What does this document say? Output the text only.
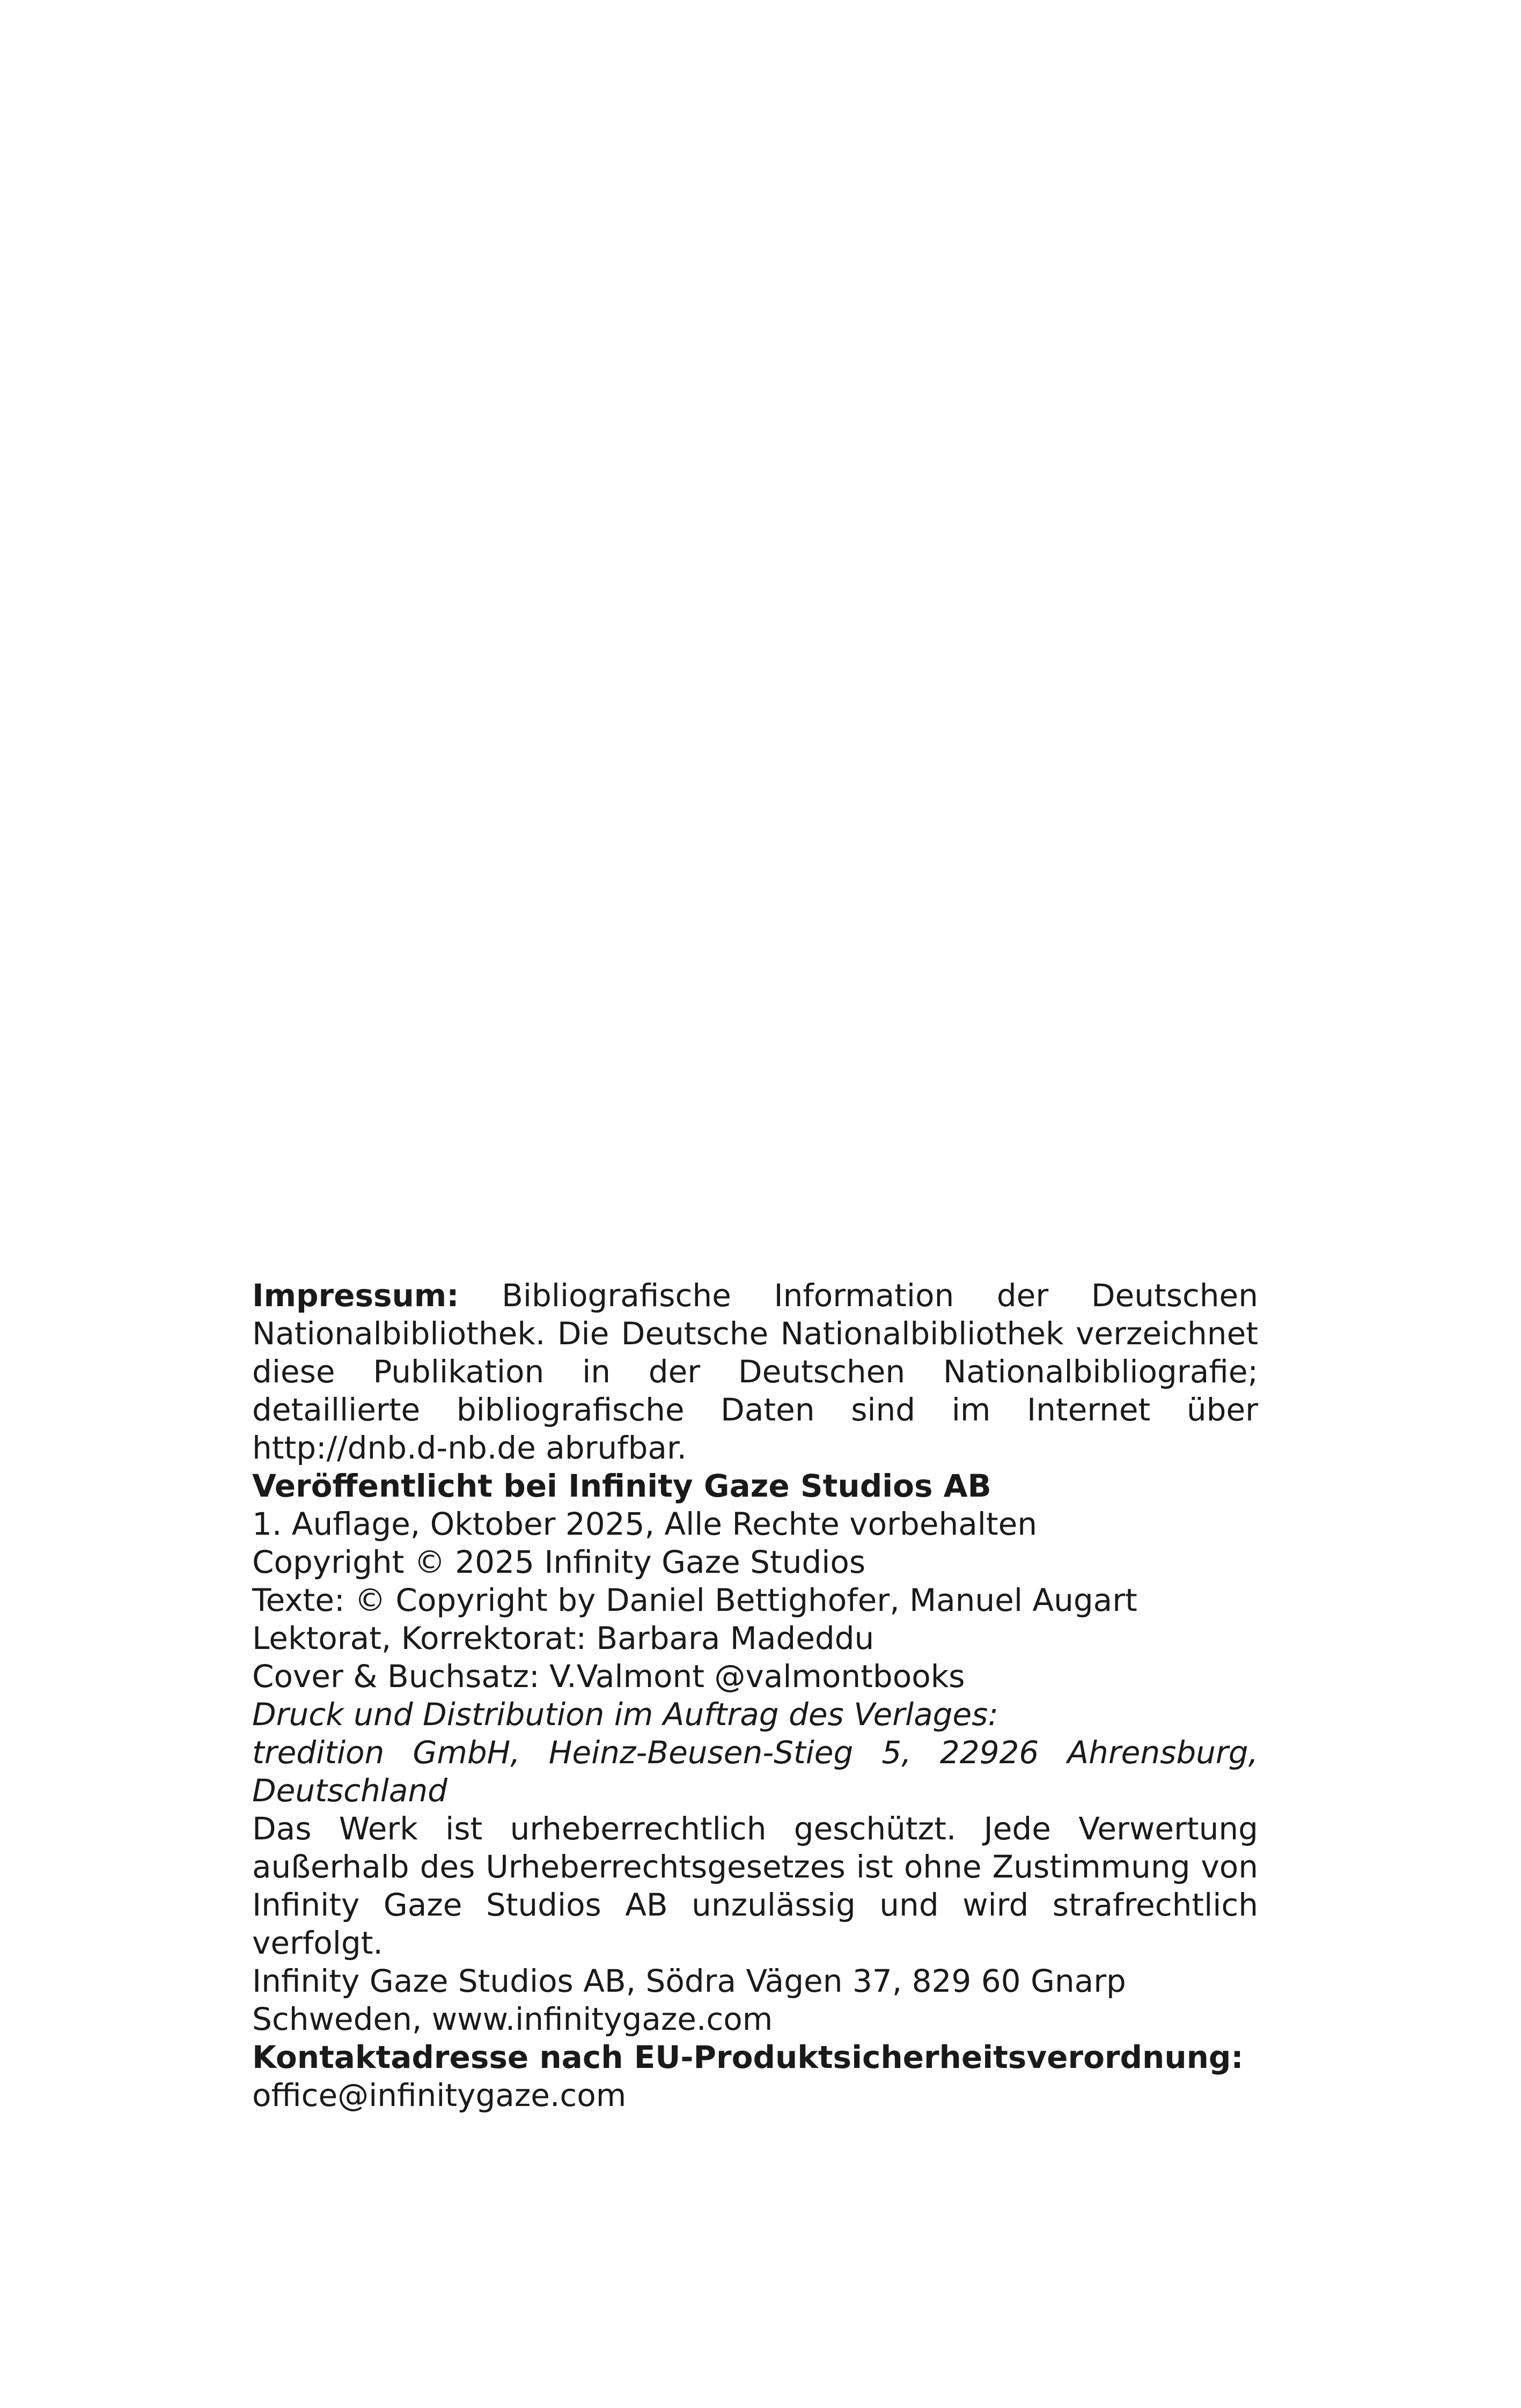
Impressum: Bibliografische Information der Deutschen Nationalbibliothek. Die Deutsche Nationalbibliothek verzeichnet diese Publikation in der Deutschen Nationalbibliografie; detaillierte bibliografische Daten sind im Internet über http://dnb.d-nb.de abrufbar.

Veröffentlicht bei Infinity Gaze Studios AB

1. Auflage, Oktober 2025, Alle Rechte vorbehalten

Copyright © 2025 Infinity Gaze Studios

Texte: © Copyright by Daniel Bettighofer, Manuel Augart

Lektorat, Korrektorat: Barbara Madeddu

Cover & Buchsatz: V.Valmont @valmontbooks

Druck und Distribution im Auftrag des Verlages:

tredition GmbH, Heinz-Beusen-Stieg 5, 22926 Ahrensburg, Deutschland

Das Werk ist urheberrechtlich geschützt. Jede Verwertung außerhalb des Urheberrechtsgesetzes ist ohne Zustimmung von Infinity Gaze Studios AB unzulässig und wird strafrechtlich verfolgt.

Infinity Gaze Studios AB, Södra Vägen 37, 829 60 Gnarp

Schweden, www.infinitygaze.com

Kontaktadresse nach EU-Produktsicherheitsverordnung:

office@infinitygaze.com
